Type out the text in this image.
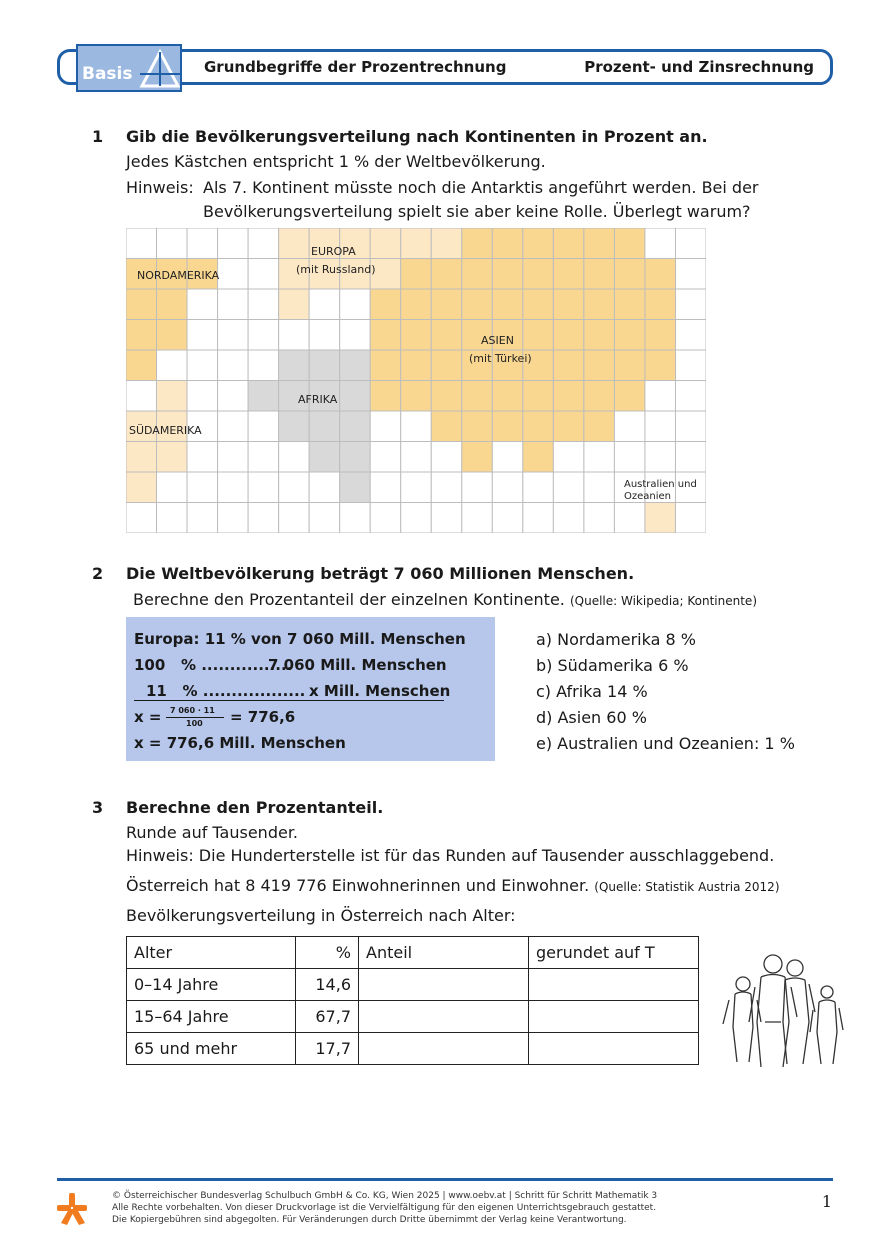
Basis	Grundbegriffe der Prozentrechnung	Prozent- und Zinsrechnung
1 Gib die Bevölkerungsverteilung nach Kontinenten in Prozent an.
Jedes Kästchen entspricht 1 % der Weltbevölkerung.
Hinweis: Als 7. Kontinent müsste noch die Antarktis angeführt werden. Bei der
Bevölkerungsverteilung spielt sie aber keine Rolle. Überlegt warum?
EUROPA
(mit Russland)
NORDAMERIKA
ASIEN
(mit Türkei)
AFRIKA
SÜDAMERIKA
Australien und
Ozeanien
2 Die Weltbevölkerung beträgt 7 060 Millionen Menschen.
Berechne den Prozentanteil der einzelnen Kontinente. (Quelle: Wikipedia; Kontinente)
Europa: 11 % von 7 060 Mill. Menschen
100   % ................
7 060 Mill. Menschen
11   % .................. x Mill. Menschen
x = 7 060 · 11
100 = 776,6
x = 776,6 Mill. Menschen
a) Nordamerika 8 %
b) Südamerika 6 %
c) Afrika 14 %
d) Asien 60 %
e) Australien und Ozeanien: 1 %
3 Berechne den Prozentanteil.
Runde auf Tausender.
Hinweis: Die Hunderterstelle ist für das Runden auf Tausender ausschlaggebend.
Österreich hat 8 419 776 Einwohnerinnen und Einwohner. (Quelle: Statistik Austria 2012)
Bevölkerungsverteilung in Österreich nach Alter:
Alter	%	Anteil	gerundet auf T
0–14 Jahre	14,6		
15–64 Jahre	67,7		
65 und mehr	17,7		
© Österreichischer Bundesverlag Schulbuch GmbH & Co. KG, Wien 2025 | www.oebv.at | Schritt für Schritt Mathematik 3
Alle Rechte vorbehalten. Von dieser Druckvorlage ist die Vervielfältigung für den eigenen Unterrichtsgebrauch gestattet.
Die Kopiergebühren sind abgegolten. Für Veränderungen durch Dritte übernimmt der Verlag keine Verantwortung.
1
